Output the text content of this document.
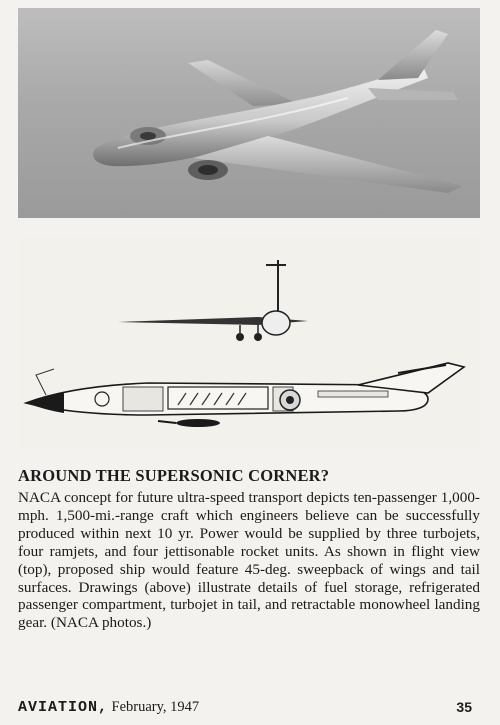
AROUND THE SUPERSONIC CORNER?

NACA concept for future ultra-speed transport depicts ten-passenger 1,000-mph. 1,500-mi.-range craft which engineers believe can be successfully produced within next 10 yr. Power would be supplied by three turbojets, four ramjets, and four jettisonable rocket units. As shown in flight view (top), proposed ship would feature 45-deg. sweepback of wings and tail surfaces. Drawings (above) illustrate details of fuel storage, refrigerated passenger compartment, turbojet in tail, and retractable monowheel landing gear. (NACA photos.)

AVIATION, February, 1947	35
